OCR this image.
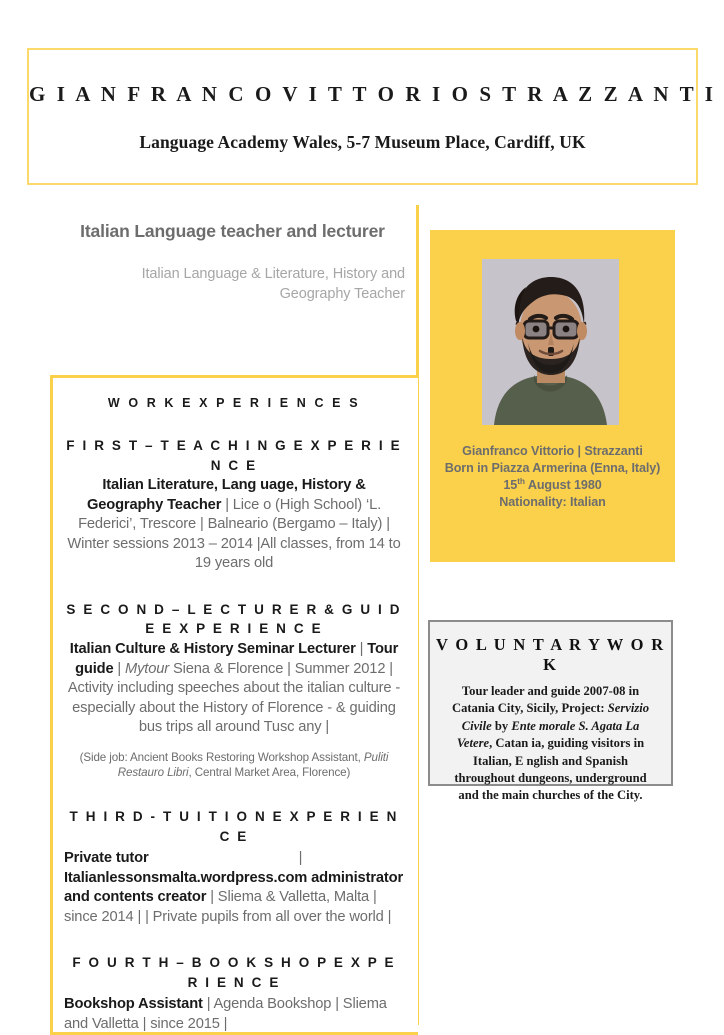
G I A N F R A N C O V I T T O R I O S T R A Z Z A N T I
Language Academy Wales, 5-7 Museum Place, Cardiff, UK
Italian Language teacher and lecturer
Italian Language & Literature, History and Geography Teacher
W O R K E X P E R I E N C E S
F I R S T – T E A C H I N G E X P E R I E N C E
Italian Literature, Lang uage, History & Geography Teacher | Lice o (High School) ‘L. Federici’, Trescore | Balneario (Bergamo – Italy) | Winter sessions 2013 – 2014 |All classes, from 14 to 19 years old
S E C O N D – L E C T U R E R & G U I D E E X P E R I E N C E
Italian Culture & History Seminar Lecturer | Tour guide | Mytour Siena & Florence | Summer 2012 | Activity including speeches about the italian culture - especially about the History of Florence - & guiding bus trips all around Tusc any |
(Side job: Ancient Books Restoring Workshop Assistant, Puliti Restauro Libri, Central Market Area, Florence)
T H I R D - T U I T I O N E X P E R I E N C E
Private tutor	|
Italianlessonsmalta.wordpress.com administrator and contents creator | Sliema & Valletta, Malta | since 2014 | | Private pupils from all over the world |
F O U R T H – B O O K S H O P E X P E R I E N C E
Bookshop Assistant | Agenda Bookshop | Sliema and Valletta | since 2015 |
Gianfranco Vittorio | Strazzanti
Born in Piazza Armerina (Enna, Italy)
15th August 1980
Nationality: Italian
V O L U N T A R Y W O R K
Tour leader and guide 2007-08 in Catania City, Sicily, Project: Servizio Civile by Ente morale S. Agata La Vetere, Catan ia, guiding visitors in Italian, E nglish and Spanish throughout dungeons, underground and the main churches of the City.
